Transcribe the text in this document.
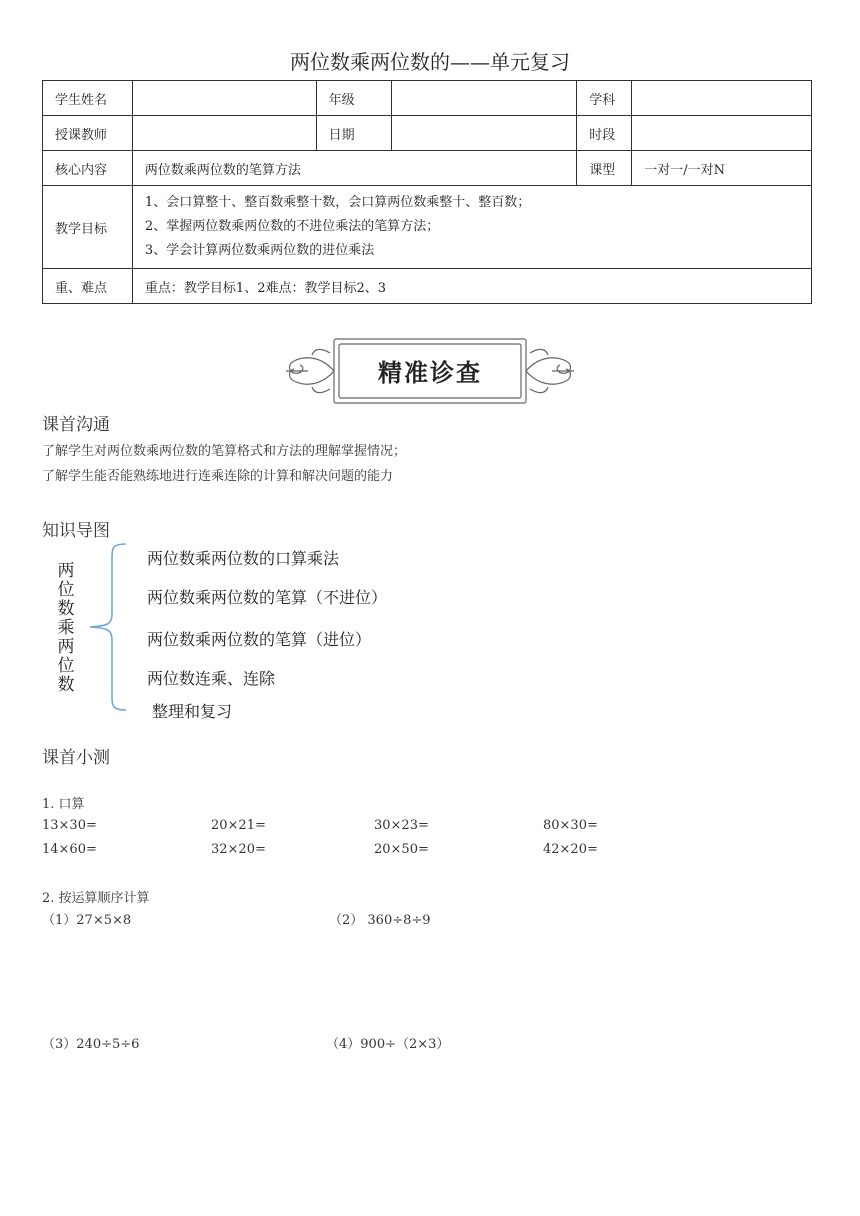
两位数乘两位数的——单元复习
学生姓名		年级		学科	
授课教师		日期		时段	
核心内容	两位数乘两位数的笔算方法			课型	一对一/一对N
教学目标	1、会口算整十、整百数乘整十数，会口算两位数乘整十、整百数；
2、掌握两位数乘两位数的不进位乘法的笔算方法；
3、学会计算两位数乘两位数的进位乘法				

重、难点	重点：教学目标1、2难点：教学目标2、3				
精准诊查
课首沟通
了解学生对两位数乘两位数的笔算格式和方法的理解掌握情况；
了解学生能否能熟练地进行连乘连除的计算和解决问题的能力
知识导图
两
位
数
乘
两
位
数
两位数乘两位数的口算乘法
两位数乘两位数的笔算（不进位）
两位数乘两位数的笔算（进位）
两位数连乘、连除
整理和复习
课首小测
1. 口算
13×30=	20×21=	30×23=	80×30=
14×60=	32×20=	20×50=	42×20=
2. 按运算顺序计算
（1）27×5×8	（2） 360÷8÷9
（3）240÷5÷6	（4）900÷（2×3）
